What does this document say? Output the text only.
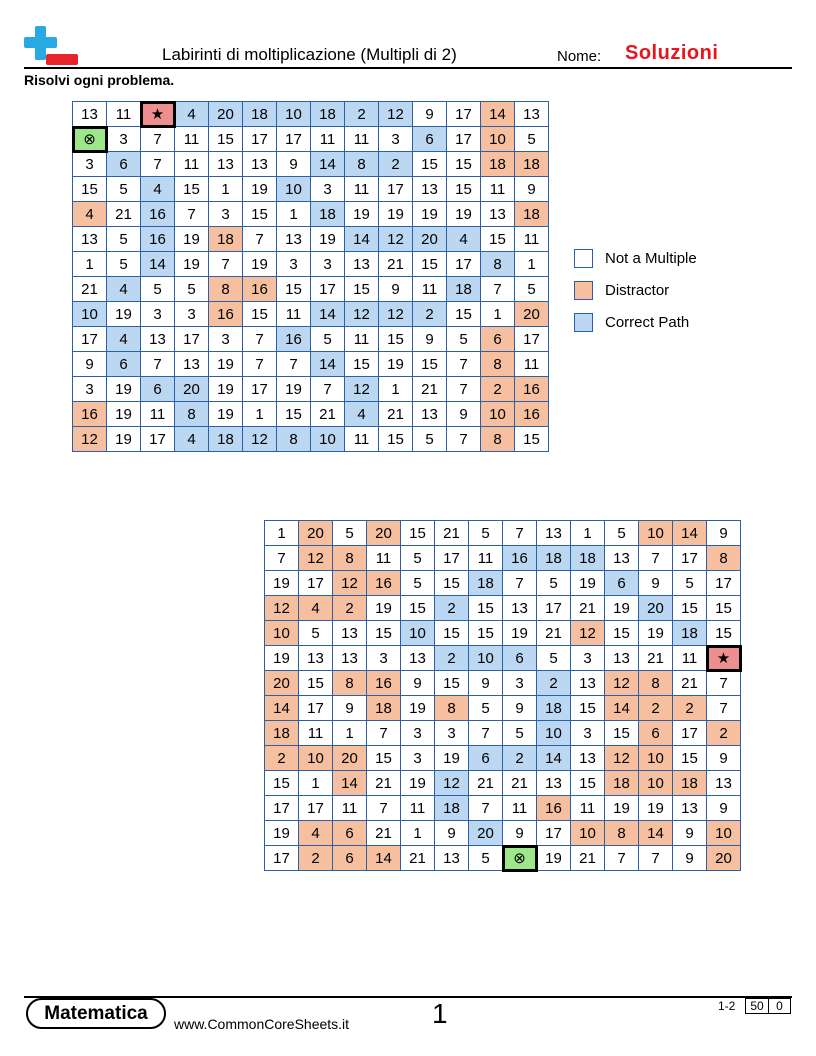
Labirinti di moltiplicazione (Multipli di 2)	Nome: Soluzioni
Risolvi ogni problema.
13	11	★	4	20	18	10	18	2	12	9	17	14	13
⊗	3	7	11	15	17	17	11	11	3	6	17	10	5
3	6	7	11	13	13	9	14	8	2	15	15	18	18
15	5	4	15	1	19	10	3	11	17	13	15	11	9
4	21	16	7	3	15	1	18	19	19	19	19	13	18
13	5	16	19	18	7	13	19	14	12	20	4	15	11
1	5	14	19	7	19	3	3	13	21	15	17	8	1
21	4	5	5	8	16	15	17	15	9	11	18	7	5
10	19	3	3	16	15	11	14	12	12	2	15	1	20
17	4	13	17	3	7	16	5	11	15	9	5	6	17
9	6	7	13	19	7	7	14	15	19	15	7	8	11
3	19	6	20	19	17	19	7	12	1	21	7	2	16
16	19	11	8	19	1	15	21	4	21	13	9	10	16
12	19	17	4	18	12	8	10	11	15	5	7	8	15
1	20	5	20	15	21	5	7	13	1	5	10	14	9
7	12	8	11	5	17	11	16	18	18	13	7	17	8
19	17	12	16	5	15	18	7	5	19	6	9	5	17
12	4	2	19	15	2	15	13	17	21	19	20	15	15
10	5	13	15	10	15	15	19	21	12	15	19	18	15
19	13	13	3	13	2	10	6	5	3	13	21	11	★
20	15	8	16	9	15	9	3	2	13	12	8	21	7
14	17	9	18	19	8	5	9	18	15	14	2	2	7
18	11	1	7	3	3	7	5	10	3	15	6	17	2
2	10	20	15	3	19	6	2	14	13	12	10	15	9
15	1	14	21	19	12	21	21	13	15	18	10	18	13
17	17	11	7	11	18	7	11	16	11	19	19	13	9
19	4	6	21	1	9	20	9	17	10	8	14	9	10
17	2	6	14	21	13	5	⊗	19	21	7	7	9	20
Not a Multiple
Distractor
Correct Path
Matematica
www.CommonCoreSheets.it	1	1-2	50	0
